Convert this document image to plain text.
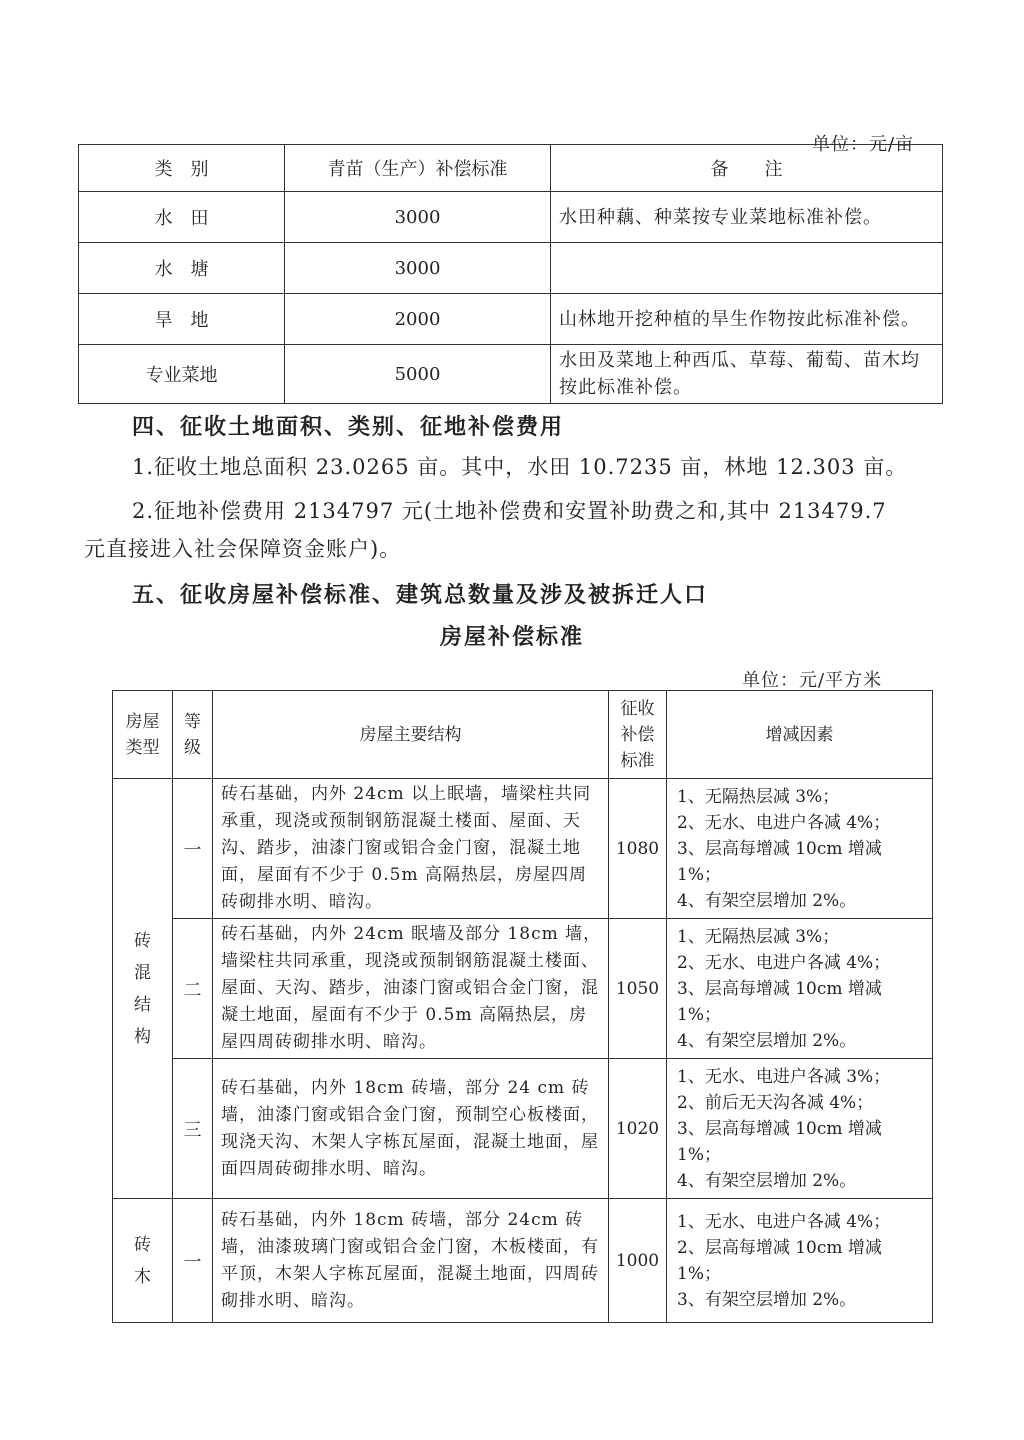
单位：元/亩
类　别	青苗（生产）补偿标准	备　　注
水　田	3000	水田种藕、种菜按专业菜地标准补偿。
水　塘	3000	
旱　地	2000	山林地开挖种植的旱生作物按此标准补偿。
专业菜地	5000	水田及菜地上种西瓜、草莓、葡萄、苗木均按此标准补偿。
四、征收土地面积、类别、征地补偿费用
1.征收土地总面积 23.0265 亩。其中，水田 10.7235 亩，林地 12.303 亩。
2.征地补偿费用 2134797 元(土地补偿费和安置补助费之和,其中 213479.7
元直接进入社会保障资金账户)。
五、征收房屋补偿标准、建筑总数量及涉及被拆迁人口
房屋补偿标准
单位：元/平方米
房屋类型	等级	房屋主要结构	征收补偿标准	增减因素

砖混结构	一	砖石基础，内外 24cm 以上眠墙，墙梁柱共同承重，现浇或预制钢筋混凝土楼面、屋面、天沟、踏步，油漆门窗或铝合金门窗，混凝土地面，屋面有不少于 0.5m 高隔热层，房屋四周砖砌排水明、暗沟。	1080	1、无隔热层减 3%；
2、无水、电进户各减 4%；
3、层高每增减 10cm 增减 1%；
4、有架空层增加 2%。

	二	砖石基础，内外 24cm 眠墙及部分 18cm 墙，墙梁柱共同承重，现浇或预制钢筋混凝土楼面、屋面、天沟、踏步，油漆门窗或铝合金门窗，混凝土地面，屋面有不少于 0.5m 高隔热层，房屋四周砖砌排水明、暗沟。	1050	1、无隔热层减 3%；
2、无水、电进户各减 4%；
3、层高每增减 10cm 增减 1%；
4、有架空层增加 2%。

	三	砖石基础，内外 18cm 砖墙，部分 24 cm 砖墙，油漆门窗或铝合金门窗，预制空心板楼面，现浇天沟、木架人字栋瓦屋面，混凝土地面，屋面四周砖砌排水明、暗沟。	1020	1、无水、电进户各减 3%；
2、前后无天沟各减 4%；
3、层高每增减 10cm 增减 1%；
4、有架空层增加 2%。

砖木	一	砖石基础，内外 18cm 砖墙，部分 24cm 砖墙，油漆玻璃门窗或铝合金门窗，木板楼面，有平顶，木架人字栋瓦屋面，混凝土地面，四周砖砌排水明、暗沟。	1000	1、无水、电进户各减 4%；
2、层高每增减 10cm 增减 1%；
3、有架空层增加 2%。
